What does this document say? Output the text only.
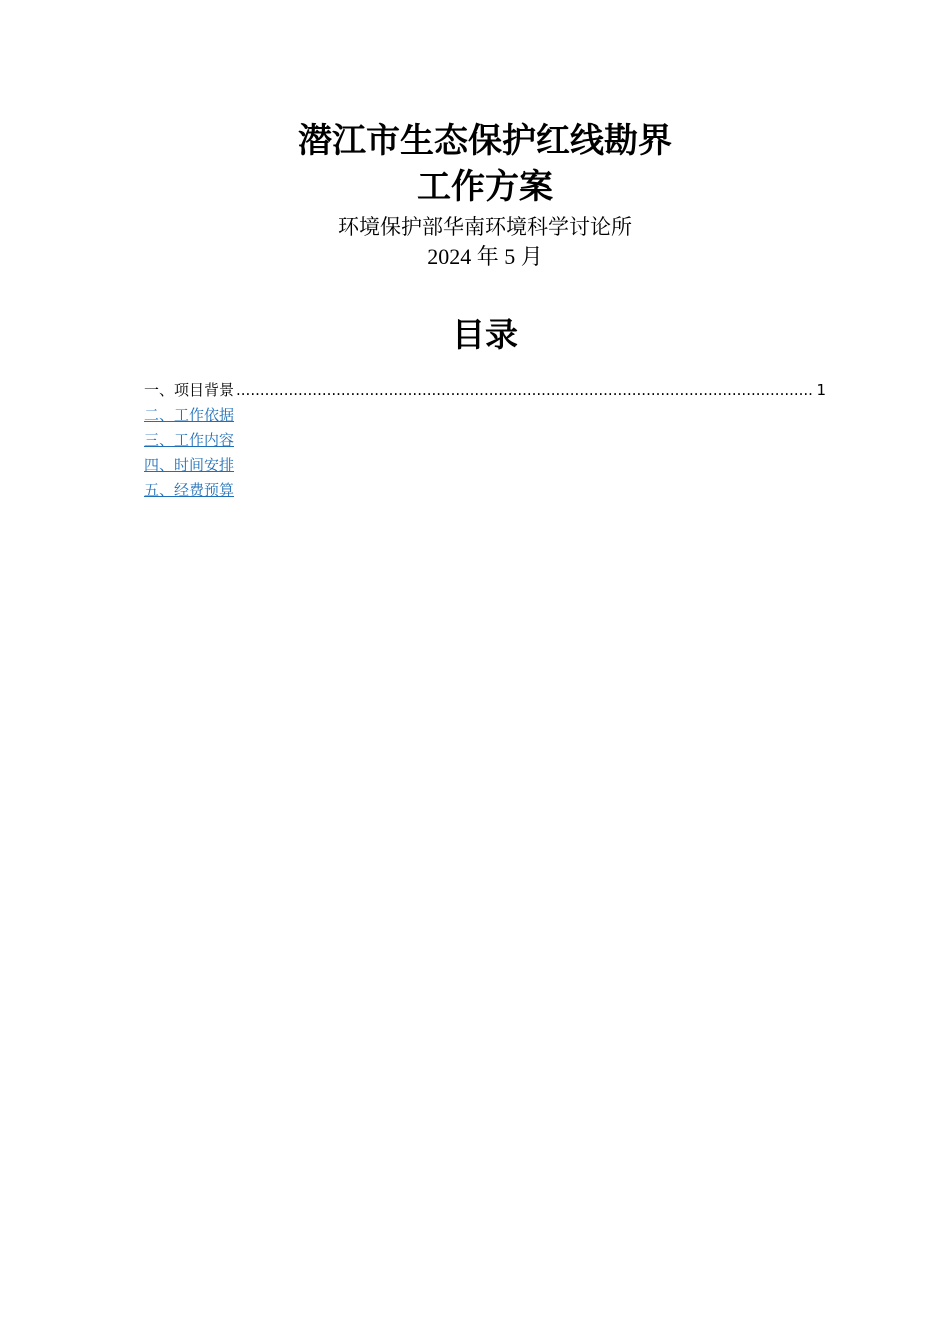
潜江市生态保护红线勘界
工作方案
环境保护部华南环境科学讨论所
2024 年 5 月
目录
一、项目背景
.....	1
二、工作依据
三、工作内容
四、时间安排
五、经费预算
